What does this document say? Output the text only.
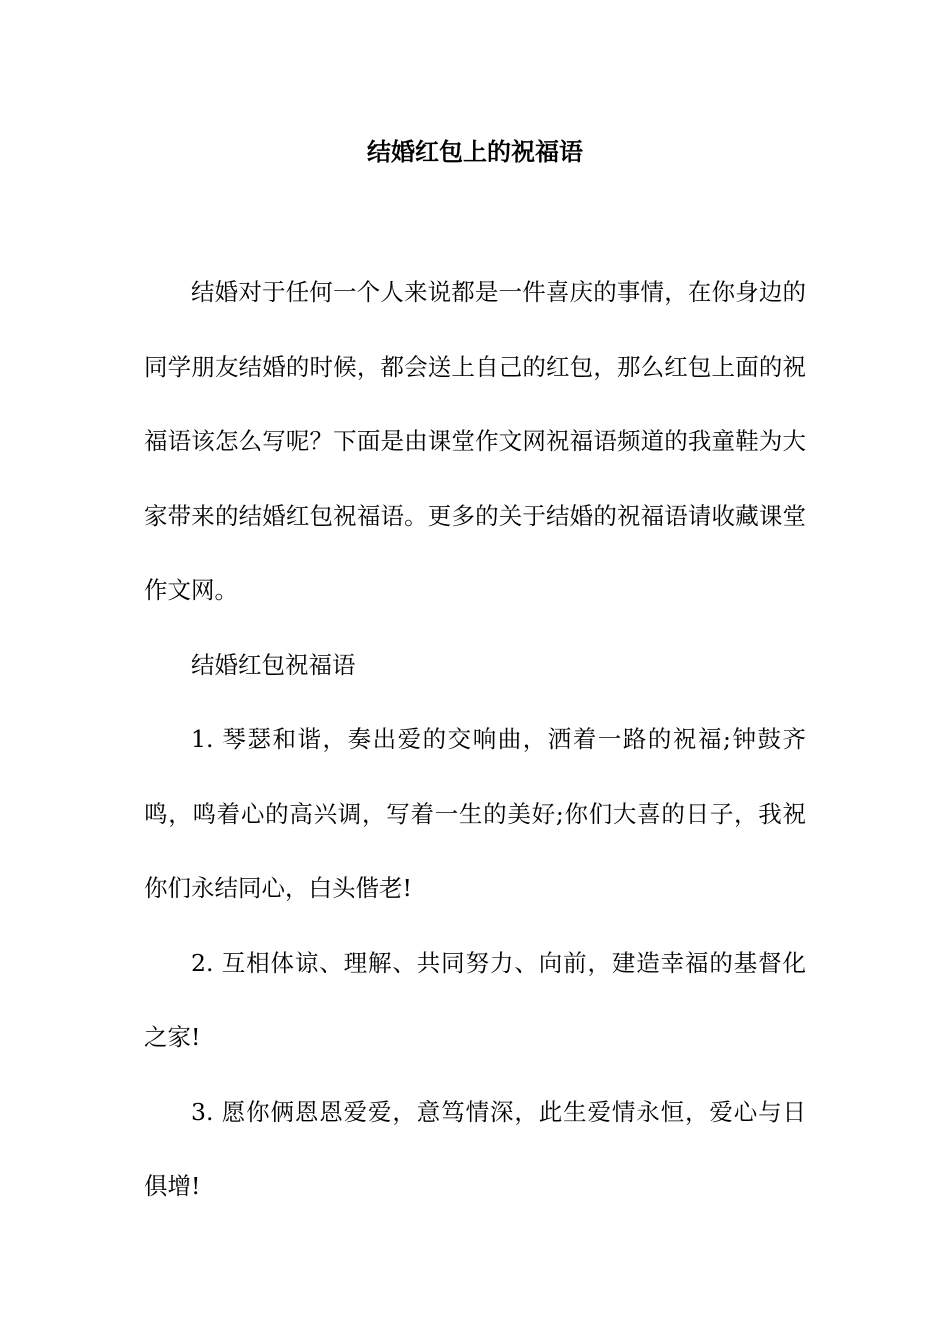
结婚红包上的祝福语

结婚对于任何一个人来说都是一件喜庆的事情，在你身边的同学朋友结婚的时候，都会送上自己的红包，那么红包上面的祝福语该怎么写呢？下面是由课堂作文网祝福语频道的我童鞋为大家带来的结婚红包祝福语。更多的关于结婚的祝福语请收藏课堂作文网。

结婚红包祝福语

1. 琴瑟和谐，奏出爱的交响曲，洒着一路的祝福;钟鼓齐鸣，鸣着心的高兴调，写着一生的美好;你们大喜的日子，我祝你们永结同心，白头偕老!

2. 互相体谅、理解、共同努力、向前，建造幸福的基督化之家!

3. 愿你俩恩恩爱爱，意笃情深，此生爱情永恒，爱心与日俱增!
